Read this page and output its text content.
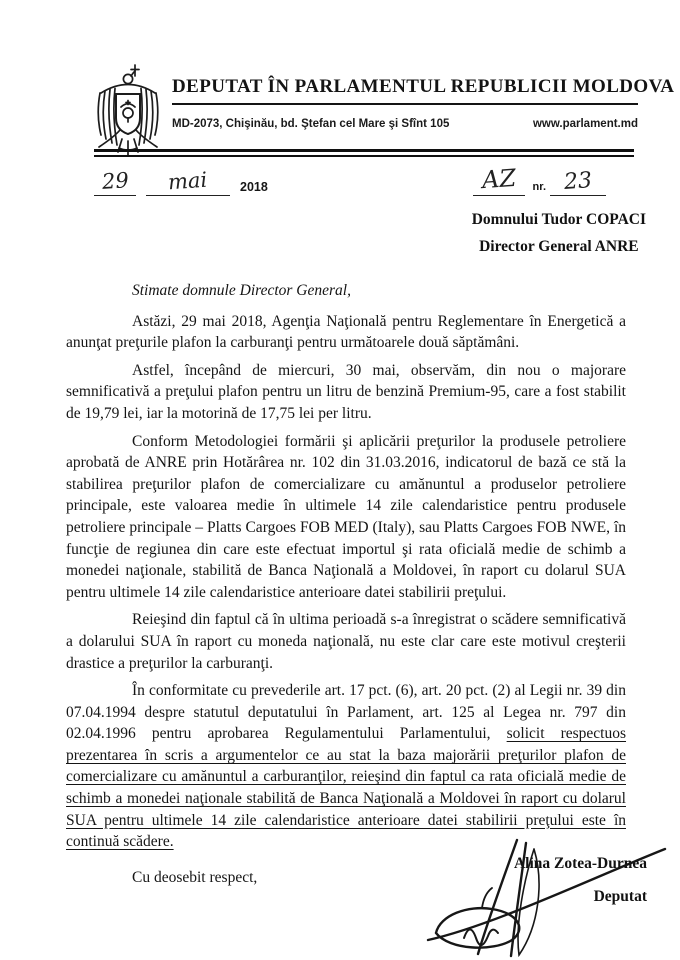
DEPUTAT ÎN PARLAMENTUL REPUBLICII MOLDOVA
MD-2073, Chişinău, bd. Ştefan cel Mare şi Sfînt 105	www.parlament.md
29	mai	2018	AZ	nr. 23
Domnului Tudor COPACI
Director General ANRE

Stimate domnule Director General,

Astăzi, 29 mai 2018, Agenţia Naţională pentru Reglementare în Energetică a anunţat preţurile plafon la carburanţi pentru următoarele două săptămâni.

Astfel, începând de miercuri, 30 mai, observăm, din nou o majorare semnificativă a preţului plafon pentru un litru de benzină Premium-95, care a fost stabilit de 19,79 lei, iar la motorină de 17,75 lei per litru.

Conform Metodologiei formării şi aplicării preţurilor la produsele petroliere aprobată de ANRE prin Hotărârea nr. 102 din 31.03.2016, indicatorul de bază ce stă la stabilirea preţurilor plafon de comercializare cu amănuntul a produselor petroliere principale, este valoarea medie în ultimele 14 zile calendaristice pentru produsele petroliere principale – Platts Cargoes FOB MED (Italy), sau Platts Cargoes FOB NWE, în funcţie de regiunea din care este efectuat importul şi rata oficială medie de schimb a monedei naţionale, stabilită de Banca Naţională a Moldovei, în raport cu dolarul SUA pentru ultimele 14 zile calendaristice anterioare datei stabilirii preţului.

Reieşind din faptul că în ultima perioadă s-a înregistrat o scădere semnificativă a dolarului SUA în raport cu moneda naţională, nu este clar care este motivul creşterii drastice a preţurilor la carburanţi.

În conformitate cu prevederile art. 17 pct. (6), art. 20 pct. (2) al Legii nr. 39 din 07.04.1994 despre statutul deputatului în Parlament, art. 125 al Legea nr. 797 din 02.04.1996 pentru aprobarea Regulamentului Parlamentului, solicit respectuos prezentarea în scris a argumentelor ce au stat la baza majorării preţurilor plafon de comercializare cu amănuntul a carburanţilor, reieşind din faptul ca rata oficială medie de schimb a monedei naţionale stabilită de Banca Naţională a Moldovei în raport cu dolarul SUA pentru ultimele 14 zile calendaristice anterioare datei stabilirii preţului este în continuă scădere.

Cu deosebit respect,

Alina Zotea-Durnea
Deputat
